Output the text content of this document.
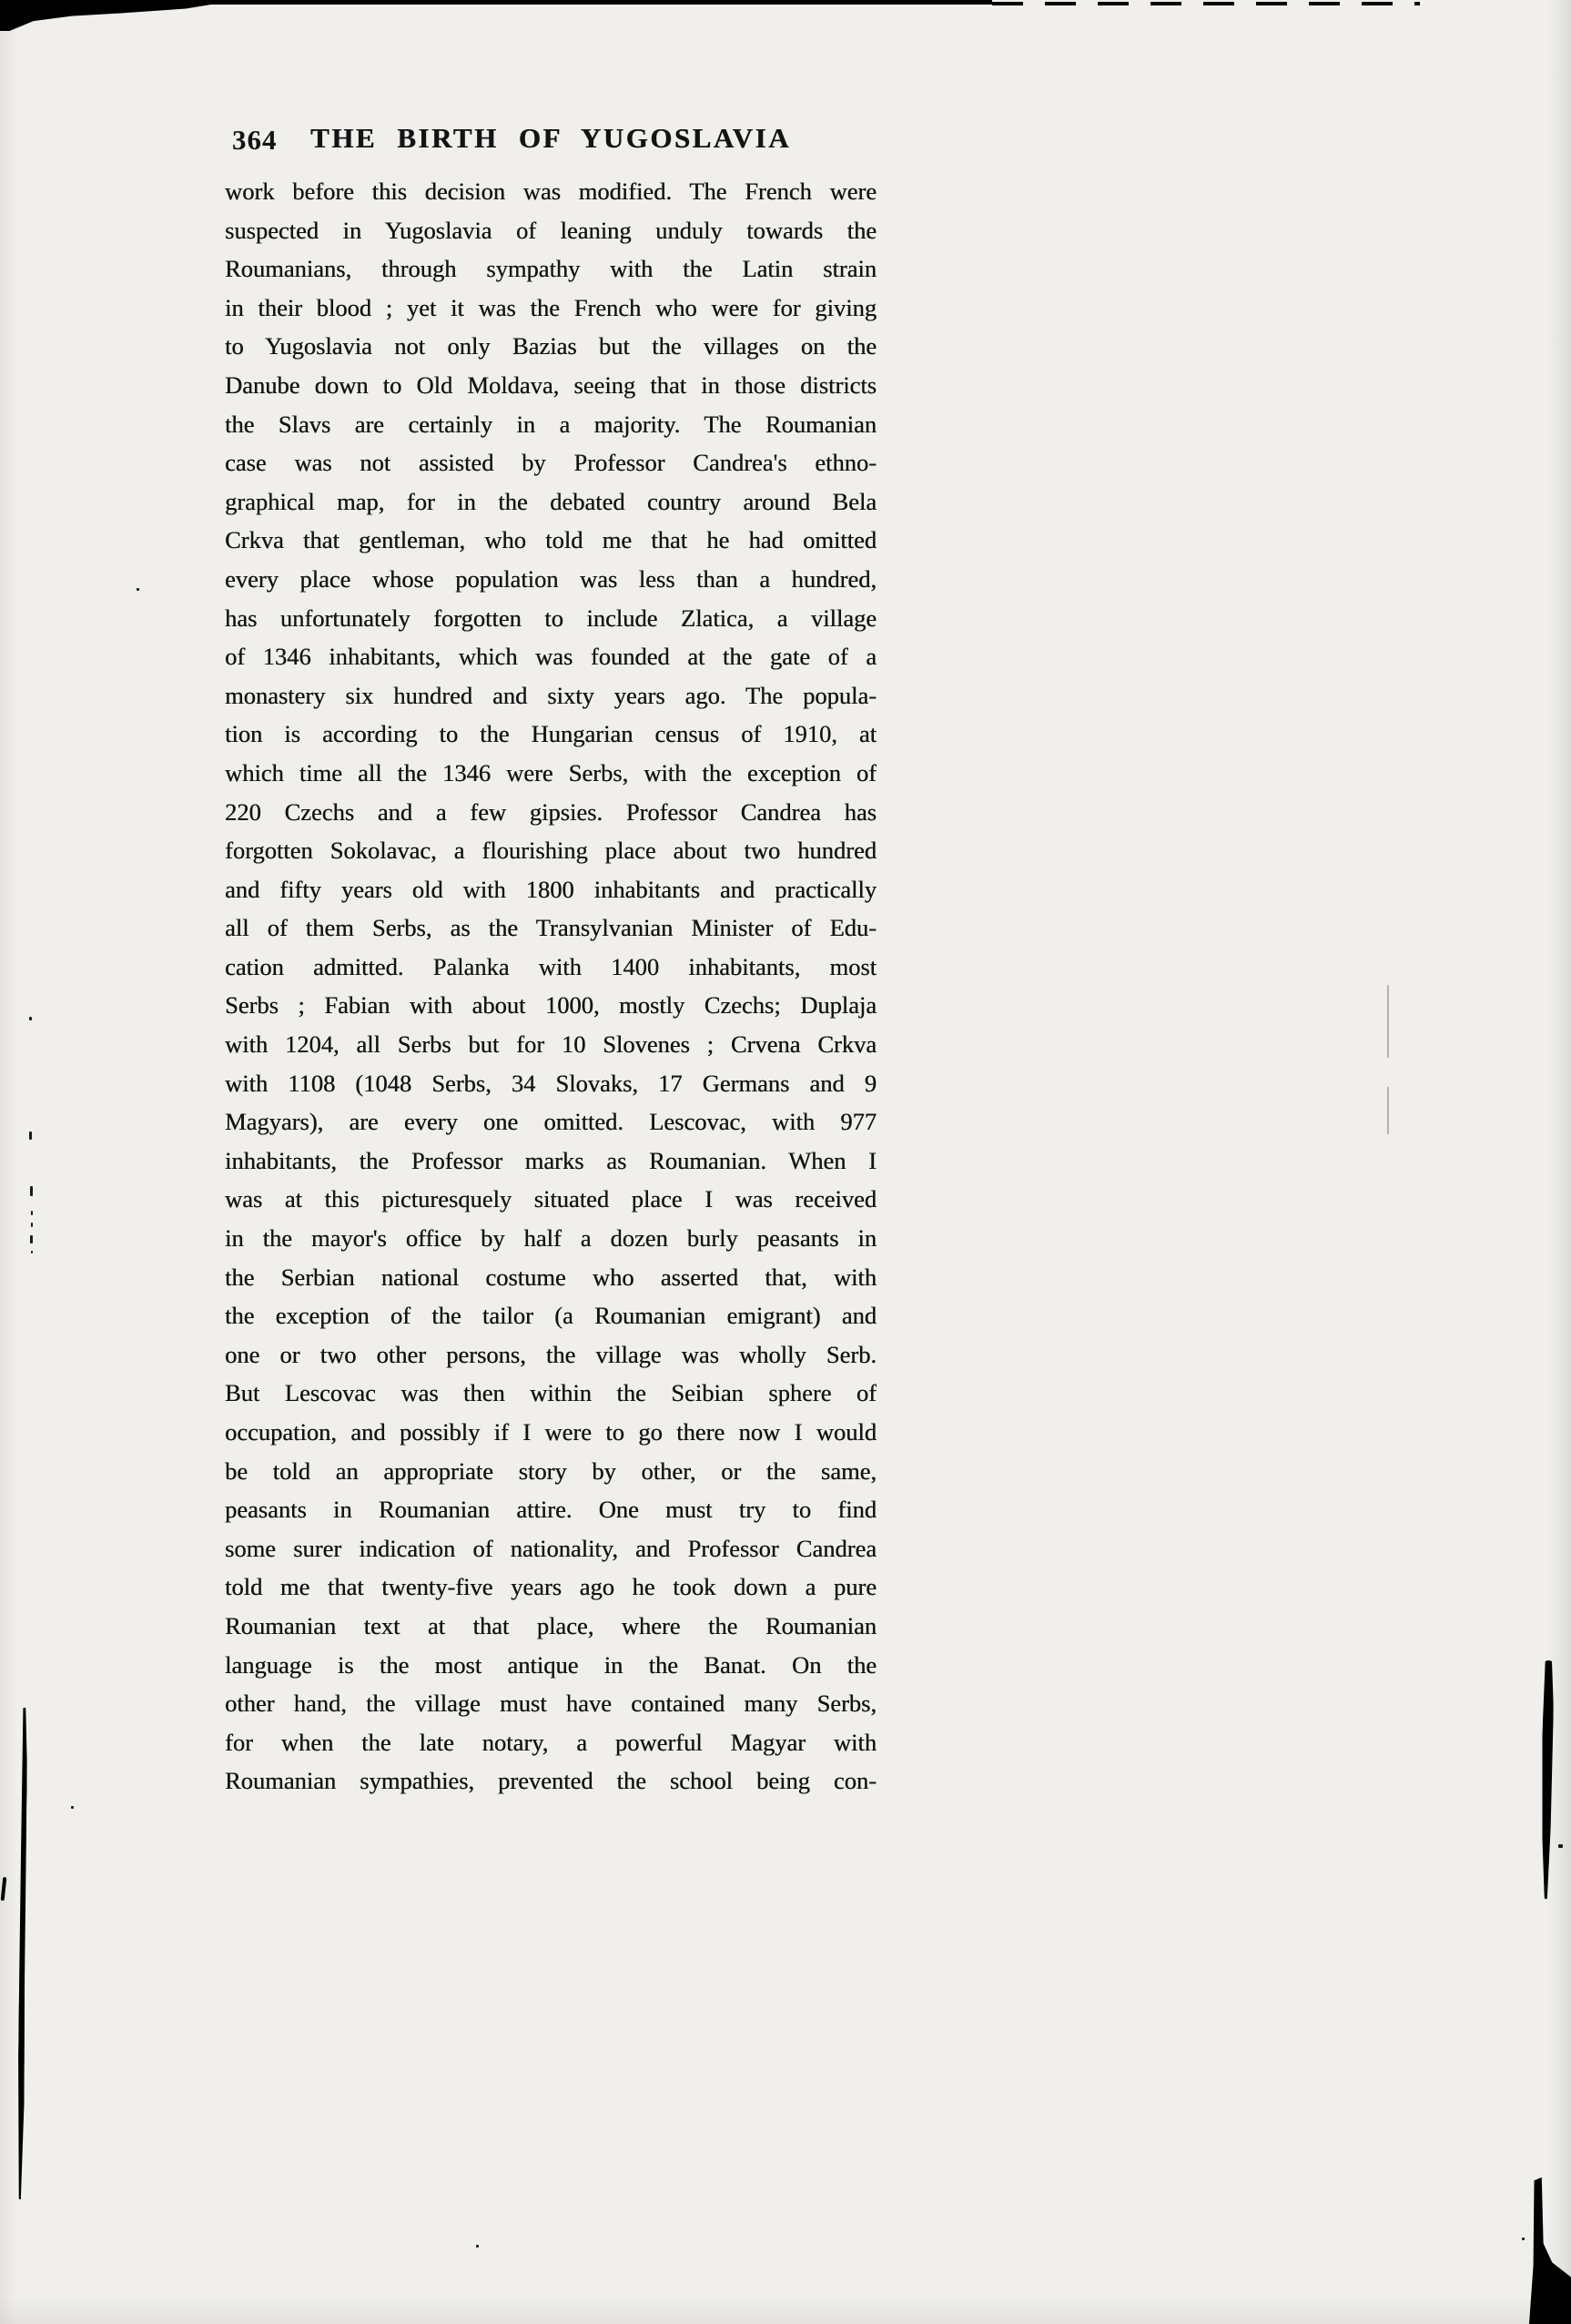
364	THE BIRTH OF YUGOSLAVIA
work before this decision was modified. The French were
suspected in Yugoslavia of leaning unduly towards the
Roumanians, through sympathy with the Latin strain
in their blood ; yet it was the French who were for giving
to Yugoslavia not only Bazias but the villages on the
Danube down to Old Moldava, seeing that in those districts
the Slavs are certainly in a majority. The Roumanian
case was not assisted by Professor Candrea's ethno-
graphical map, for in the debated country around Bela
Crkva that gentleman, who told me that he had omitted
every place whose population was less than a hundred,
has unfortunately forgotten to include Zlatica, a village
of 1346 inhabitants, which was founded at the gate of a
monastery six hundred and sixty years ago. The popula-
tion is according to the Hungarian census of 1910, at
which time all the 1346 were Serbs, with the exception of
220 Czechs and a few gipsies. Professor Candrea has
forgotten Sokolavac, a flourishing place about two hundred
and fifty years old with 1800 inhabitants and practically
all of them Serbs, as the Transylvanian Minister of Edu-
cation admitted. Palanka with 1400 inhabitants, most
Serbs ; Fabian with about 1000, mostly Czechs; Duplaja
with 1204, all Serbs but for 10 Slovenes ; Crvena Crkva
with 1108 (1048 Serbs, 34 Slovaks, 17 Germans and 9
Magyars), are every one omitted. Lescovac, with 977
inhabitants, the Professor marks as Roumanian. When I
was at this picturesquely situated place I was received
in the mayor's office by half a dozen burly peasants in
the Serbian national costume who asserted that, with
the exception of the tailor (a Roumanian emigrant) and
one or two other persons, the village was wholly Serb.
But Lescovac was then within the Seibian sphere of
occupation, and possibly if I were to go there now I would
be told an appropriate story by other, or the same,
peasants in Roumanian attire. One must try to find
some surer indication of nationality, and Professor Candrea
told me that twenty-five years ago he took down a pure
Roumanian text at that place, where the Roumanian
language is the most antique in the Banat. On the
other hand, the village must have contained many Serbs,
for when the late notary, a powerful Magyar with
Roumanian sympathies, prevented the school being con-
